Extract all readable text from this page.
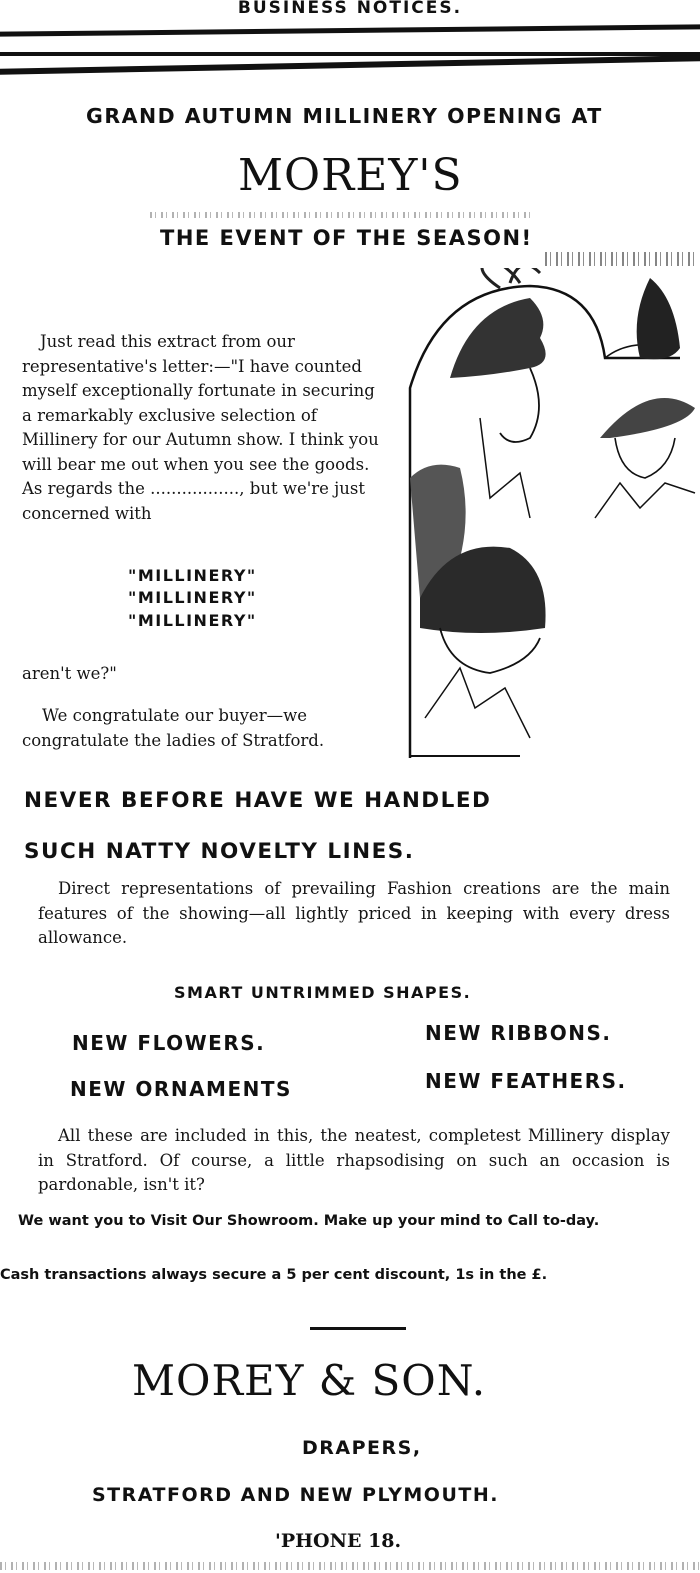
BUSINESS NOTICES.
GRAND AUTUMN MILLINERY OPENING AT
MOREY'S
THE EVENT OF THE SEASON!
Just read this extract from our representative's letter:—"I have counted myself exceptionally fortunate in securing a remarkably exclusive selection of Millinery for our Autumn show. I think you will bear me out when you see the goods. As regards the ................., but we're just concerned with
"MILLINERY"
"MILLINERY"
"MILLINERY"
aren't we?"
We congratulate our buyer—we congratulate the ladies of Stratford.
NEVER BEFORE HAVE WE HANDLED
SUCH NATTY NOVELTY LINES.
Direct representations of prevailing Fashion creations are the main features of the showing—all lightly priced in keeping with every dress allowance.
SMART UNTRIMMED SHAPES.
NEW FLOWERS.	NEW RIBBONS.
NEW ORNAMENTS	NEW FEATHERS.
All these are included in this, the neatest, completest Millinery display in Stratford. Of course, a little rhapsodising on such an occasion is pardonable, isn't it?
We want you to Visit Our Showroom. Make up your mind to Call to-day.
Cash transactions always secure a 5 per cent discount, 1s in the £.
MOREY & SON.
DRAPERS,
STRATFORD AND NEW PLYMOUTH.
'PHONE 18.
